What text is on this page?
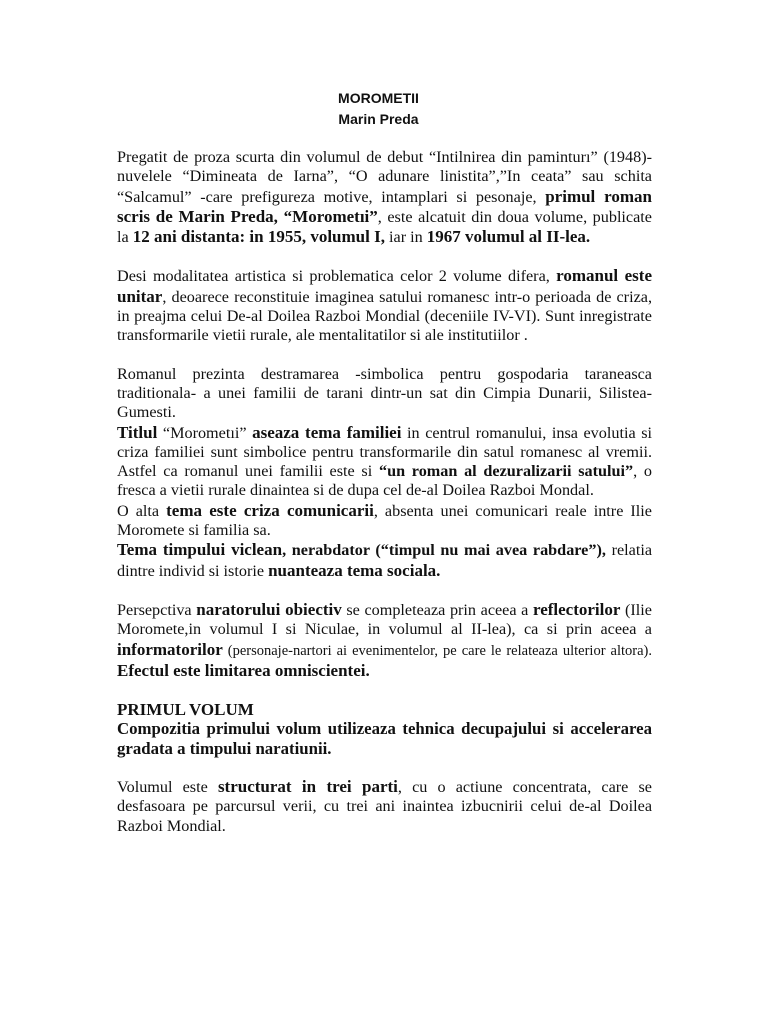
MOROMETII
Marin Preda

Pregatit de proza scurta din volumul de debut “Intilnirea din paminturı” (1948)- nuvelele “Dimineata de Iarna”, “O adunare linistita”,”In ceata” sau schita “Salcamul” -care prefigureza motive, intamplari si pesonaje, primul roman scris de Marin Preda, “Morometıi”, este alcatuit din doua volume, publicate la 12 ani distanta: in 1955, volumul I, iar in 1967 volumul al II-lea.

Desi modalitatea artistica si problematica celor 2 volume difera, romanul este unitar, deoarece reconstituie imaginea satului romanesc intr-o perioada de criza, in preajma celui De-al Doilea Razboi Mondial (deceniile IV-VI). Sunt inregistrate transformarile vietii rurale, ale mentalitatilor si ale institutiilor .

Romanul prezinta destramarea -simbolica pentru gospodaria taraneasca traditionala- a unei familii de tarani dintr-un sat din Cimpia Dunarii, Silistea-Gumesti.

Titlul “Morometıi” aseaza tema familiei in centrul romanului, insa evolutia si criza familiei sunt simbolice pentru transformarile din satul romanesc al vremii. Astfel ca romanul unei familii este si “un roman al dezuralizarii satului”, o fresca a vietii rurale dinaintea si de dupa cel de-al Doilea Razboi Mondal.

O alta tema este criza comunicarii, absenta unei comunicari reale intre Ilie Moromete si familia sa.

Tema timpului viclean, nerabdator (“timpul nu mai avea rabdare”), relatia dintre individ si istorie nuanteaza tema sociala.

Persepctiva naratorului obiectiv se completeaza prin aceea a reflectorilor (Ilie Moromete,in volumul I si Niculae, in volumul al II-lea), ca si prin aceea a informatorilor (personaje-nartori ai evenimentelor, pe care le relateaza ulterior altora). Efectul este limitarea omniscientei.

PRIMUL VOLUM

Compozitia primului volum utilizeaza tehnica decupajului si accelerarea gradata a timpului naratiunii.

Volumul este structurat in trei parti, cu o actiune concentrata, care se desfasoara pe parcursul verii, cu trei ani inaintea izbucnirii celui de-al Doilea Razboi Mondial.
